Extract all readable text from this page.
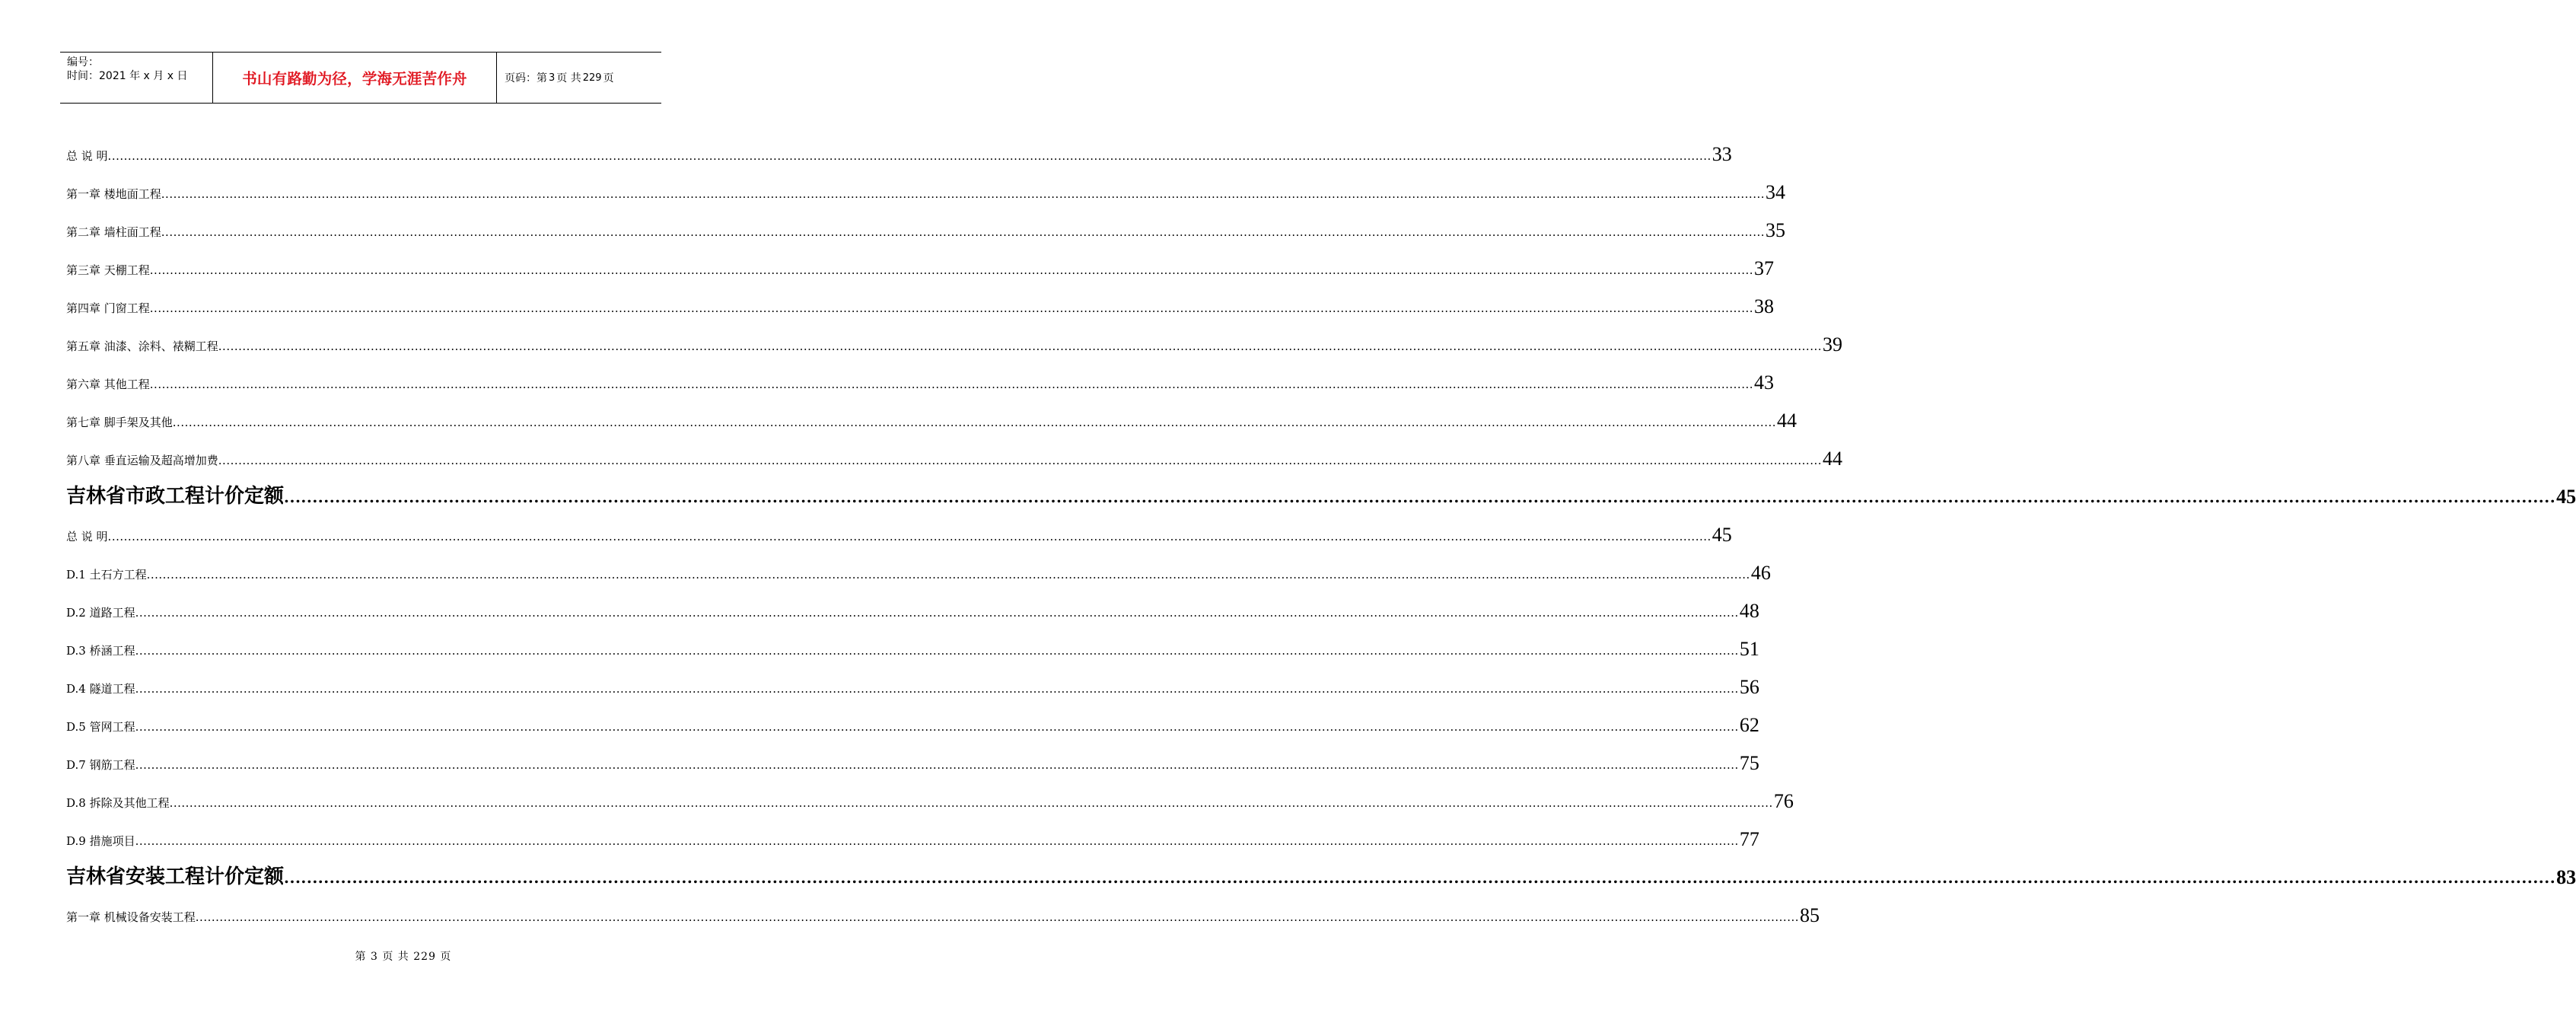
编号：
时间：2021 年 x 月 x 日	书山有路勤为径，学海无涯苦作舟	页码：第 3 页 共 229 页
总 说 明 ................................................................................................................................................................................................................................................................................................................................................................................................................ 33
第一章 楼地面工程 ................................................................................................................................................................................................................................................................................................................................................................................................................ 34
第二章 墙柱面工程 ................................................................................................................................................................................................................................................................................................................................................................................................................ 35
第三章 天棚工程 ................................................................................................................................................................................................................................................................................................................................................................................................................ 37
第四章 门窗工程 ................................................................................................................................................................................................................................................................................................................................................................................................................ 38
第五章 油漆、涂料、裱糊工程 ................................................................................................................................................................................................................................................................................................................................................................................................................ 39
第六章 其他工程 ................................................................................................................................................................................................................................................................................................................................................................................................................ 43
第七章 脚手架及其他 ................................................................................................................................................................................................................................................................................................................................................................................................................ 44
第八章 垂直运输及超高增加费 ................................................................................................................................................................................................................................................................................................................................................................................................................ 44
吉林省市政工程计价定额 ................................................................................................................................................................................................................................................................................................................................................................................................................ 45
总 说 明 ................................................................................................................................................................................................................................................................................................................................................................................................................ 45
D.1 土石方工程 ................................................................................................................................................................................................................................................................................................................................................................................................................ 46
D.2 道路工程 ................................................................................................................................................................................................................................................................................................................................................................................................................ 48
D.3 桥涵工程 ................................................................................................................................................................................................................................................................................................................................................................................................................ 51
D.4 隧道工程 ................................................................................................................................................................................................................................................................................................................................................................................................................ 56
D.5 管网工程 ................................................................................................................................................................................................................................................................................................................................................................................................................ 62
D.7 钢筋工程 ................................................................................................................................................................................................................................................................................................................................................................................................................ 75
D.8 拆除及其他工程 ................................................................................................................................................................................................................................................................................................................................................................................................................ 76
D.9 措施项目 ................................................................................................................................................................................................................................................................................................................................................................................................................ 77
吉林省安装工程计价定额 ................................................................................................................................................................................................................................................................................................................................................................................................................ 83
第一章 机械设备安装工程 ................................................................................................................................................................................................................................................................................................................................................................................................................ 85
第 3 页 共 229 页
